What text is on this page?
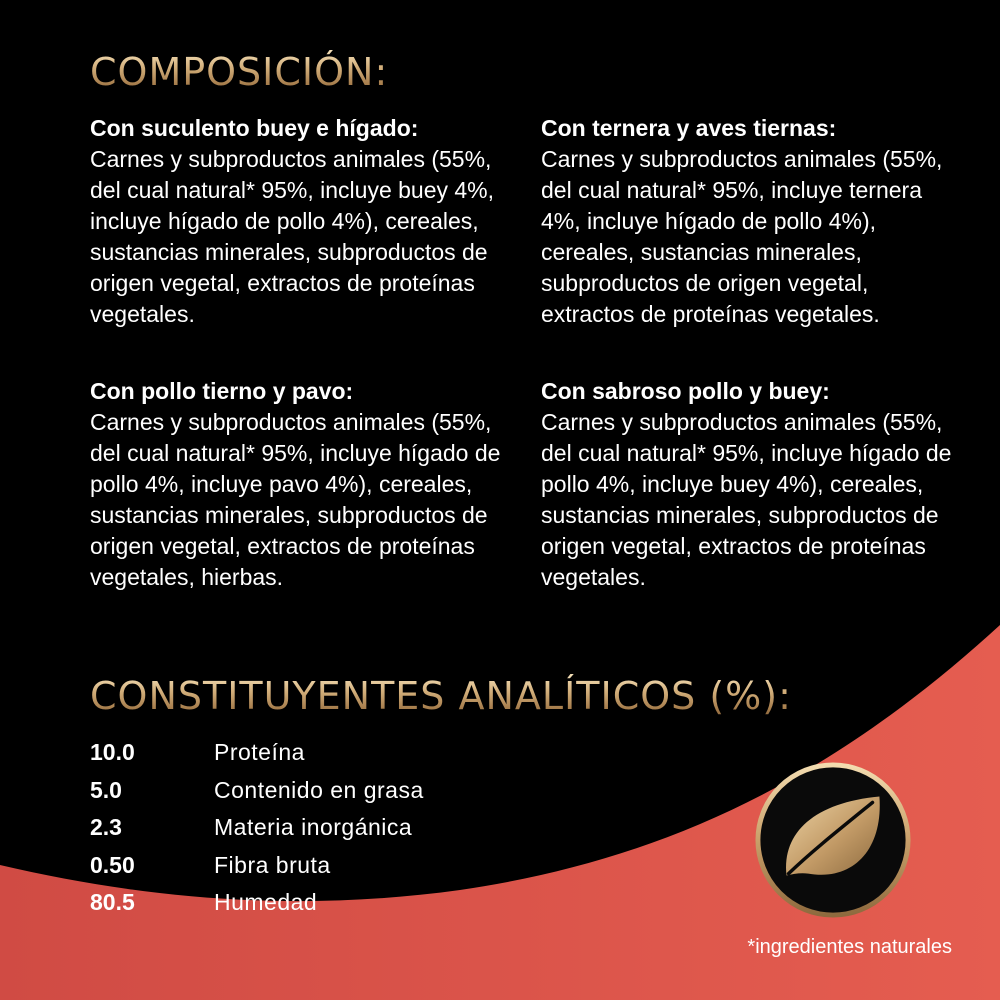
COMPOSICIÓN:
Con suculento buey e hígado:
Carnes y subproductos animales (55%, del cual natural* 95%, incluye buey 4%, incluye hígado de pollo 4%), cereales, sustancias minerales, subproductos de origen vegetal, extractos de proteínas vegetales.
Con ternera y aves tiernas:
Carnes y subproductos animales (55%, del cual natural* 95%, incluye ternera 4%, incluye hígado de pollo 4%), cereales, sustancias minerales, subproductos de origen vegetal, extractos de proteínas vegetales.
Con pollo tierno y pavo:
Carnes y subproductos animales (55%, del cual natural* 95%, incluye hígado de pollo 4%, incluye pavo 4%), cereales, sustancias minerales, subproductos de origen vegetal, extractos de proteínas vegetales, hierbas.
Con sabroso pollo y buey:
Carnes y subproductos animales (55%, del cual natural* 95%, incluye hígado de pollo 4%, incluye buey 4%), cereales, sustancias minerales, subproductos de origen vegetal, extractos de proteínas vegetales.
CONSTITUYENTES ANALÍTICOS (%):
10.0	Proteína
5.0	Contenido en grasa
2.3	Materia inorgánica
0.50	Fibra bruta
80.5	Humedad
*ingredientes naturales
